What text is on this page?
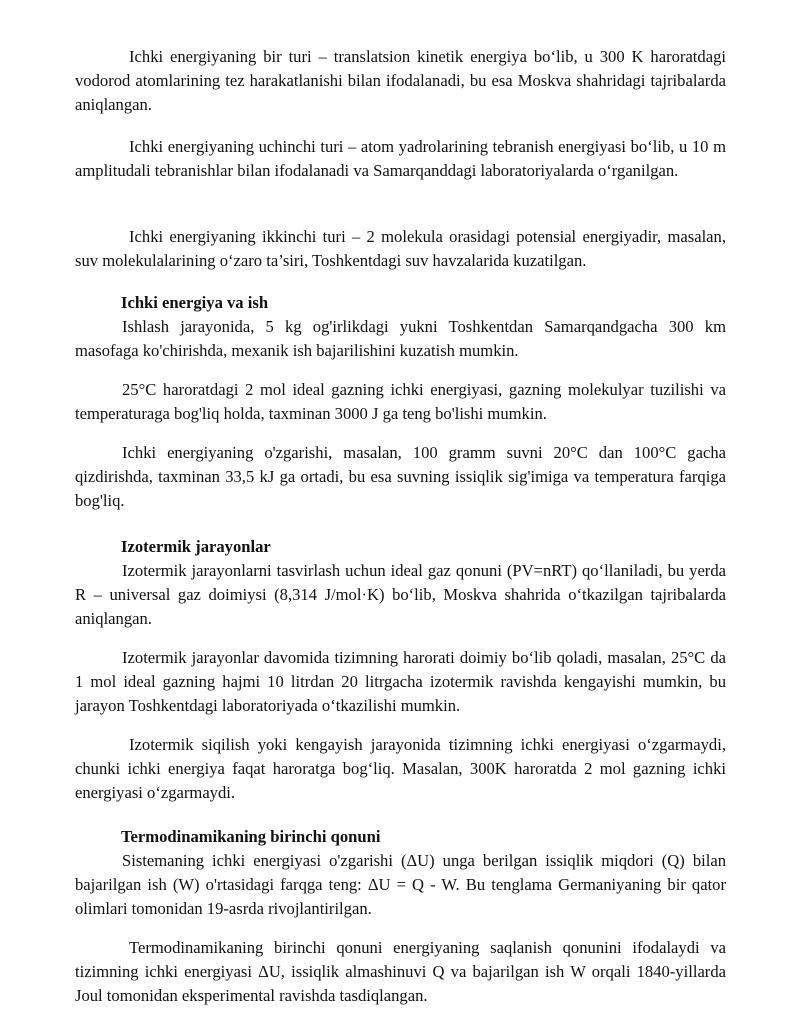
Ichki energiyaning bir turi – translatsion kinetik energiya bo‘lib, u 300 K haroratdagi vodorod atomlarining tez harakatlanishi bilan ifodalanadi, bu esa Moskva shahridagi tajribalarda aniqlangan.

Ichki energiyaning uchinchi turi – atom yadrolarining tebranish energiyasi bo‘lib, u 10 m amplitudali tebranishlar bilan ifodalanadi va Samarqanddagi laboratoriyalarda o‘rganilgan.

Ichki energiyaning ikkinchi turi – 2 molekula orasidagi potensial energiyadir, masalan, suv molekulalarining o‘zaro ta’siri, Toshkentdagi suv havzalarida kuzatilgan.

Ichki energiya va ish

Ishlash jarayonida, 5 kg og'irlikdagi yukni Toshkentdan Samarqandgacha 300 km masofaga ko'chirishda, mexanik ish bajarilishini kuzatish mumkin.

25°C haroratdagi 2 mol ideal gazning ichki energiyasi, gazning molekulyar tuzilishi va temperaturaga bog'liq holda, taxminan 3000 J ga teng bo'lishi mumkin.

Ichki energiyaning o'zgarishi, masalan, 100 gramm suvni 20°C dan 100°C gacha qizdirishda, taxminan 33,5 kJ ga ortadi, bu esa suvning issiqlik sig'imiga va temperatura farqiga bog'liq.

Izotermik jarayonlar

Izotermik jarayonlarni tasvirlash uchun ideal gaz qonuni (PV=nRT) qo‘llaniladi, bu yerda R – universal gaz doimiysi (8,314 J/mol·K) bo‘lib, Moskva shahrida o‘tkazilgan tajribalarda aniqlangan.

Izotermik jarayonlar davomida tizimning harorati doimiy bo‘lib qoladi, masalan, 25°C da 1 mol ideal gazning hajmi 10 litrdan 20 litrgacha izotermik ravishda kengayishi mumkin, bu jarayon Toshkentdagi laboratoriyada o‘tkazilishi mumkin.

Izotermik siqilish yoki kengayish jarayonida tizimning ichki energiyasi o‘zgarmaydi, chunki ichki energiya faqat haroratga bog‘liq. Masalan, 300K haroratda 2 mol gazning ichki energiyasi o‘zgarmaydi.

Termodinamikaning birinchi qonuni

Sistemaning ichki energiyasi o'zgarishi (ΔU) unga berilgan issiqlik miqdori (Q) bilan bajarilgan ish (W) o'rtasidagi farqga teng: ΔU = Q - W. Bu tenglama Germaniyaning bir qator olimlari tomonidan 19-asrda rivojlantirilgan.

Termodinamikaning birinchi qonuni energiyaning saqlanish qonunini ifodalaydi va tizimning ichki energiyasi ΔU, issiqlik almashinuvi Q va bajarilgan ish W orqali 1840-yillarda Joul tomonidan eksperimental ravishda tasdiqlangan.
